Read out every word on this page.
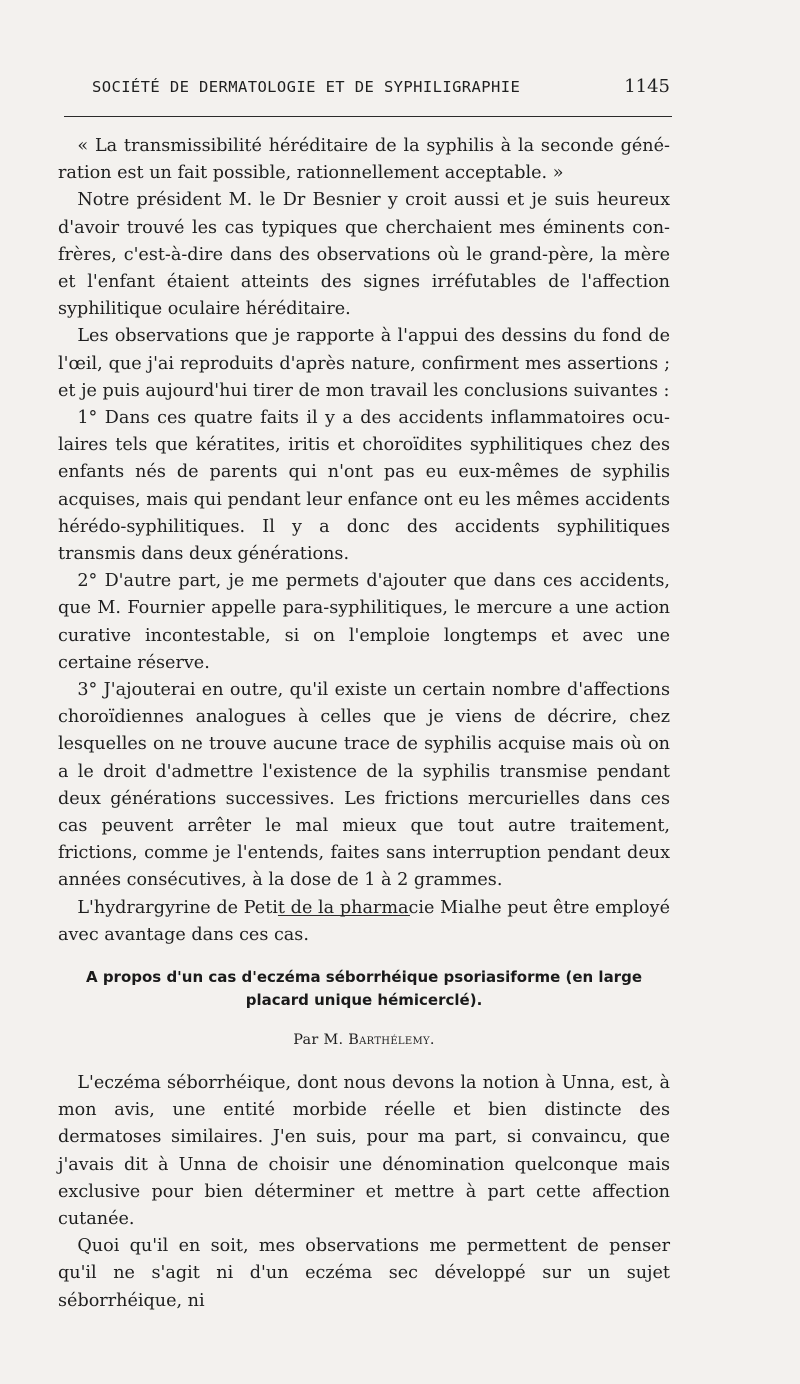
SOCIÉTÉ DE DERMATOLOGIE ET DE SYPHILIGRAPHIE	1145

« La transmissibilité héréditaire de la syphilis à la seconde génération est un fait possible, rationnellement acceptable. »

Notre président M. le Dr Besnier y croit aussi et je suis heureux d'avoir trouvé les cas typiques que cherchaient mes éminents confrères, c'est-à-dire dans des observations où le grand-père, la mère et l'enfant étaient atteints des signes irréfutables de l'affection syphilitique oculaire héréditaire.

Les observations que je rapporte à l'appui des dessins du fond de l'œil, que j'ai reproduits d'après nature, confirment mes assertions ; et je puis aujourd'hui tirer de mon travail les conclusions suivantes :

1° Dans ces quatre faits il y a des accidents inflammatoires oculaires tels que kératites, iritis et choroïdites syphilitiques chez des enfants nés de parents qui n'ont pas eu eux-mêmes de syphilis acquises, mais qui pendant leur enfance ont eu les mêmes accidents hérédo-syphilitiques. Il y a donc des accidents syphilitiques transmis dans deux générations.

2° D'autre part, je me permets d'ajouter que dans ces accidents, que M. Fournier appelle para-syphilitiques, le mercure a une action curative incontestable, si on l'emploie longtemps et avec une certaine réserve.

3° J'ajouterai en outre, qu'il existe un certain nombre d'affections choroïdiennes analogues à celles que je viens de décrire, chez lesquelles on ne trouve aucune trace de syphilis acquise mais où on a le droit d'admettre l'existence de la syphilis transmise pendant deux générations successives. Les frictions mercurielles dans ces cas peuvent arrêter le mal mieux que tout autre traitement, frictions, comme je l'entends, faites sans interruption pendant deux années consécutives, à la dose de 1 à 2 grammes.

L'hydrargyrine de Petit de la pharmacie Mialhe peut être employé avec avantage dans ces cas.

A propos d'un cas d'eczéma séborrhéique psoriasiforme (en large placard unique hémicerclé).
Par M. Barthélemy.

L'eczéma séborrhéique, dont nous devons la notion à Unna, est, à mon avis, une entité morbide réelle et bien distincte des dermatoses similaires. J'en suis, pour ma part, si convaincu, que j'avais dit à Unna de choisir une dénomination quelconque mais exclusive pour bien déterminer et mettre à part cette affection cutanée.

Quoi qu'il en soit, mes observations me permettent de penser qu'il ne s'agit ni d'un eczéma sec développé sur un sujet séborrhéique, ni
